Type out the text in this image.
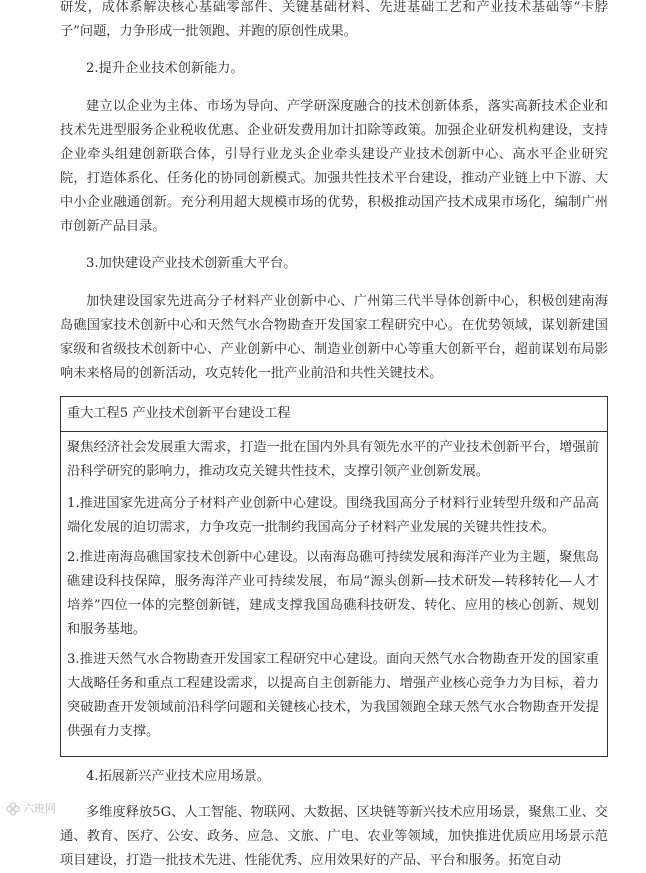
研发，成体系解决核心基础零部件、关键基础材料、先进基础工艺和产业技术基础等“卡脖子”问题，力争形成一批领跑、并跑的原创性成果。

2.提升企业技术创新能力。

建立以企业为主体、市场为导向、产学研深度融合的技术创新体系，落实高新技术企业和技术先进型服务企业税收优惠、企业研发费用加计扣除等政策。加强企业研发机构建设，支持企业牵头组建创新联合体，引导行业龙头企业牵头建设产业技术创新中心、高水平企业研究院，打造体系化、任务化的协同创新模式。加强共性技术平台建设，推动产业链上中下游、大中小企业融通创新。充分利用超大规模市场的优势，积极推动国产技术成果市场化，编制广州市创新产品目录。

3.加快建设产业技术创新重大平台。

加快建设国家先进高分子材料产业创新中心、广州第三代半导体创新中心，积极创建南海岛礁国家技术创新中心和天然气水合物勘查开发国家工程研究中心。在优势领域，谋划新建国家级和省级技术创新中心、产业创新中心、制造业创新中心等重大创新平台，超前谋划布局影响未来格局的创新活动，攻克转化一批产业前沿和共性关键技术。

重大工程5 产业技术创新平台建设工程

聚焦经济社会发展重大需求，打造一批在国内外具有领先水平的产业技术创新平台，增强前沿科学研究的影响力，推动攻克关键共性技术，支撑引领产业创新发展。

1.推进国家先进高分子材料产业创新中心建设。围绕我国高分子材料行业转型升级和产品高端化发展的迫切需求，力争攻克一批制约我国高分子材料产业发展的关键共性技术。

2.推进南海岛礁国家技术创新中心建设。以南海岛礁可持续发展和海洋产业为主题，聚焦岛礁建设科技保障，服务海洋产业可持续发展，布局“源头创新—技术研发—转移转化—人才培养”四位一体的完整创新链，建成支撑我国岛礁科技研发、转化、应用的核心创新、规划和服务基地。

3.推进天然气水合物勘查开发国家工程研究中心建设。面向天然气水合物勘查开发的国家重大战略任务和重点工程建设需求，以提高自主创新能力、增强产业核心竞争力为目标，着力突破勘查开发领域前沿科学问题和关键核心技术，为我国领跑全球天然气水合物勘查开发提供强有力支撑。

4.拓展新兴产业技术应用场景。

多维度释放5G、人工智能、物联网、大数据、区块链等新兴技术应用场景，聚焦工业、交通、教育、医疗、公安、政务、应急、文旅、广电、农业等领域，加快推进优质应用场景示范项目建设，打造一批技术先进、性能优秀、应用效果好的产品、平台和服务。拓宽自动

六班网
